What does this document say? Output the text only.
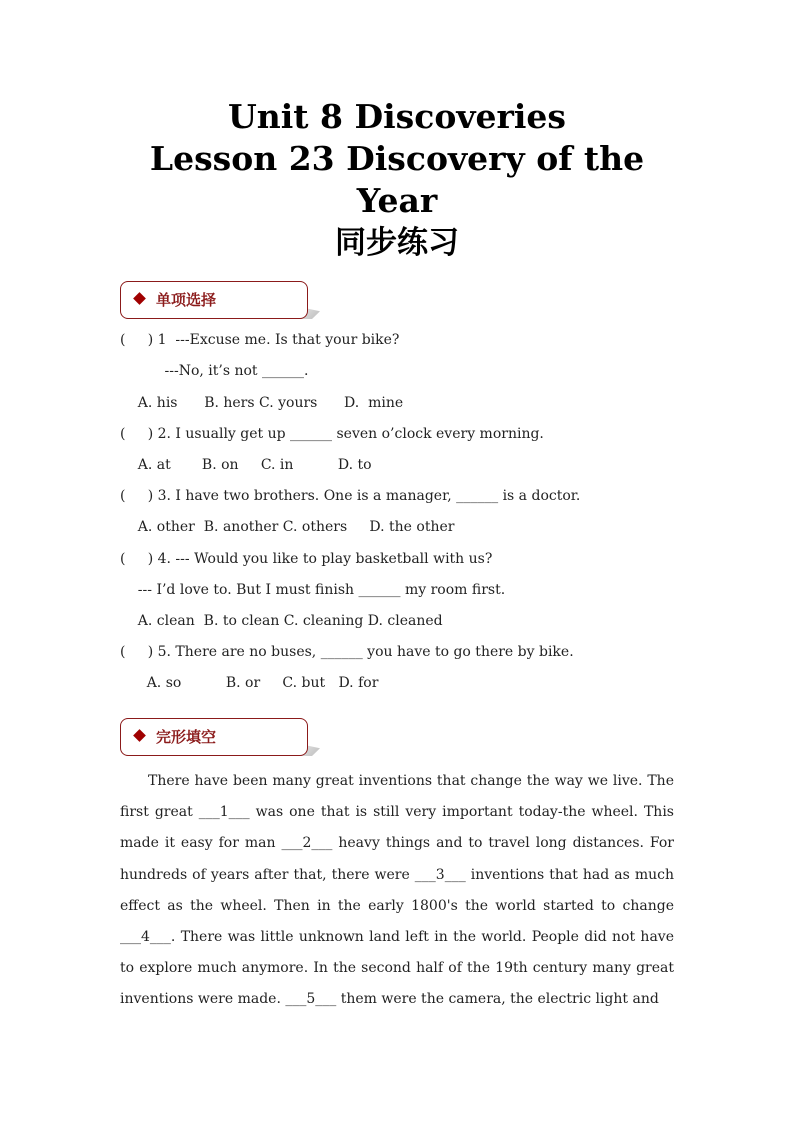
Unit 8 Discoveries
Lesson 23 Discovery of the
Year
同步练习
单项选择
(     ) 1  ---Excuse me. Is that your bike?
---No, it’s not ______.
A. his      B. hers C. yours      D.  mine
(     ) 2. I usually get up ______ seven o’clock every morning.
A. at       B. on     C. in          D. to
(     ) 3. I have two brothers. One is a manager, ______ is a doctor.
A. other  B. another C. others     D. the other
(     ) 4. --- Would you like to play basketball with us?
--- I’d love to. But I must finish ______ my room first.
A. clean  B. to clean C. cleaning D. cleaned
(     ) 5. There are no buses, ______ you have to go there by bike.
A. so          B. or     C. but   D. for
完形填空

There have been many great inventions that change the way we live. The first great ___1___ was one that is still very important today-the wheel. This made it easy for man ___2___ heavy things and to travel long distances. For hundreds of years after that, there were ___3___ inventions that had as much effect as the wheel. Then in the early 1800's the world started to change ___4___. There was little unknown land left in the world. People did not have to explore much anymore. In the second half of the 19th century many great inventions were made. ___5___ them were the camera, the electric light and
